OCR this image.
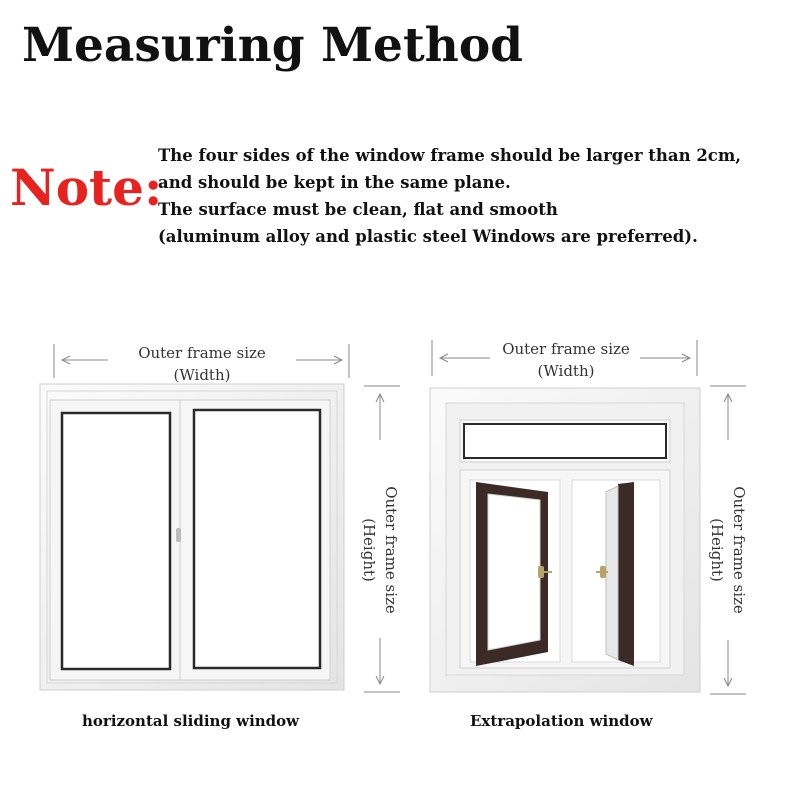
Measuring Method
Note:
The four sides of the window frame should be larger than 2cm,
and should be kept in the same plane.
The surface must be clean, flat and smooth
(aluminum alloy and plastic steel Windows are preferred).
Outer frame size
(Width)
Outer frame size
(Height)
horizontal sliding window
Outer frame size
(Width)
Outer frame size
(Height)
Extrapolation window
